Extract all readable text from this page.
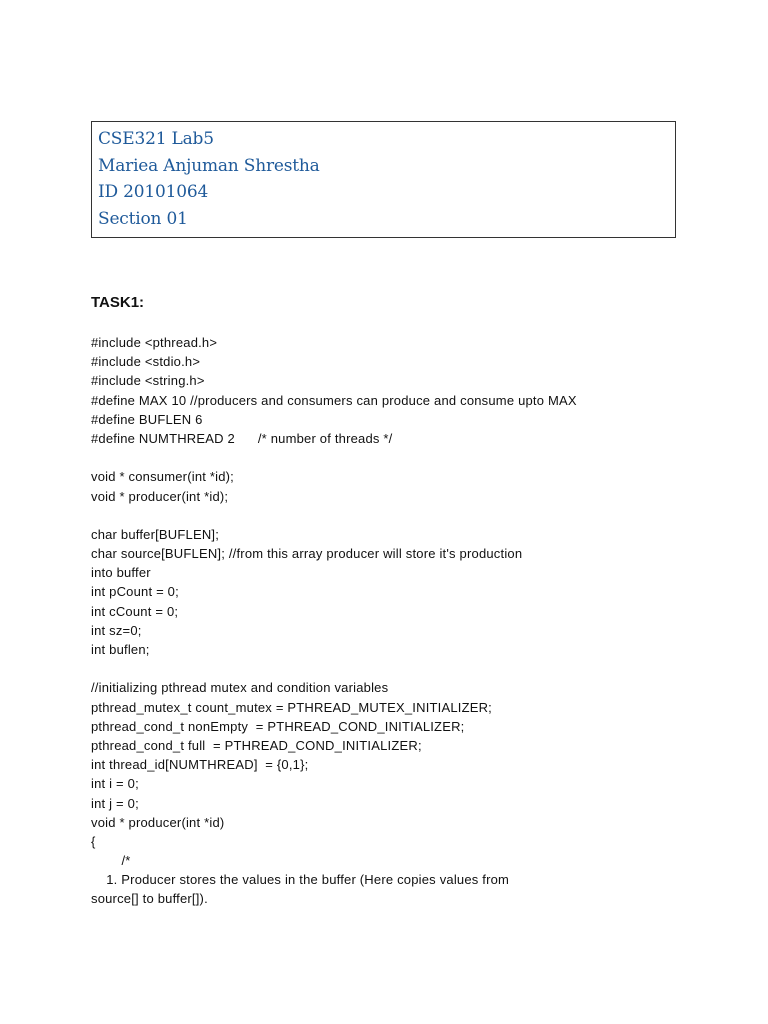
CSE321 Lab5
Mariea Anjuman Shrestha
ID 20101064
Section 01
TASK1:
#include <pthread.h>
#include <stdio.h>
#include <string.h>
#define MAX 10 //producers and consumers can produce and consume upto MAX
#define BUFLEN 6
#define NUMTHREAD 2      /* number of threads */
void * consumer(int *id);
void * producer(int *id);
char buffer[BUFLEN];
char source[BUFLEN]; //from this array producer will store it's production
into buffer
int pCount = 0;
int cCount = 0;
int sz=0;
int buflen;
//initializing pthread mutex and condition variables
pthread_mutex_t count_mutex = PTHREAD_MUTEX_INITIALIZER;
pthread_cond_t nonEmpty  = PTHREAD_COND_INITIALIZER;
pthread_cond_t full  = PTHREAD_COND_INITIALIZER;
int thread_id[NUMTHREAD]  = {0,1};
int i = 0;
int j = 0;
void * producer(int *id)
{
/*
1. Producer stores the values in the buffer (Here copies values from
source[] to buffer[]).
